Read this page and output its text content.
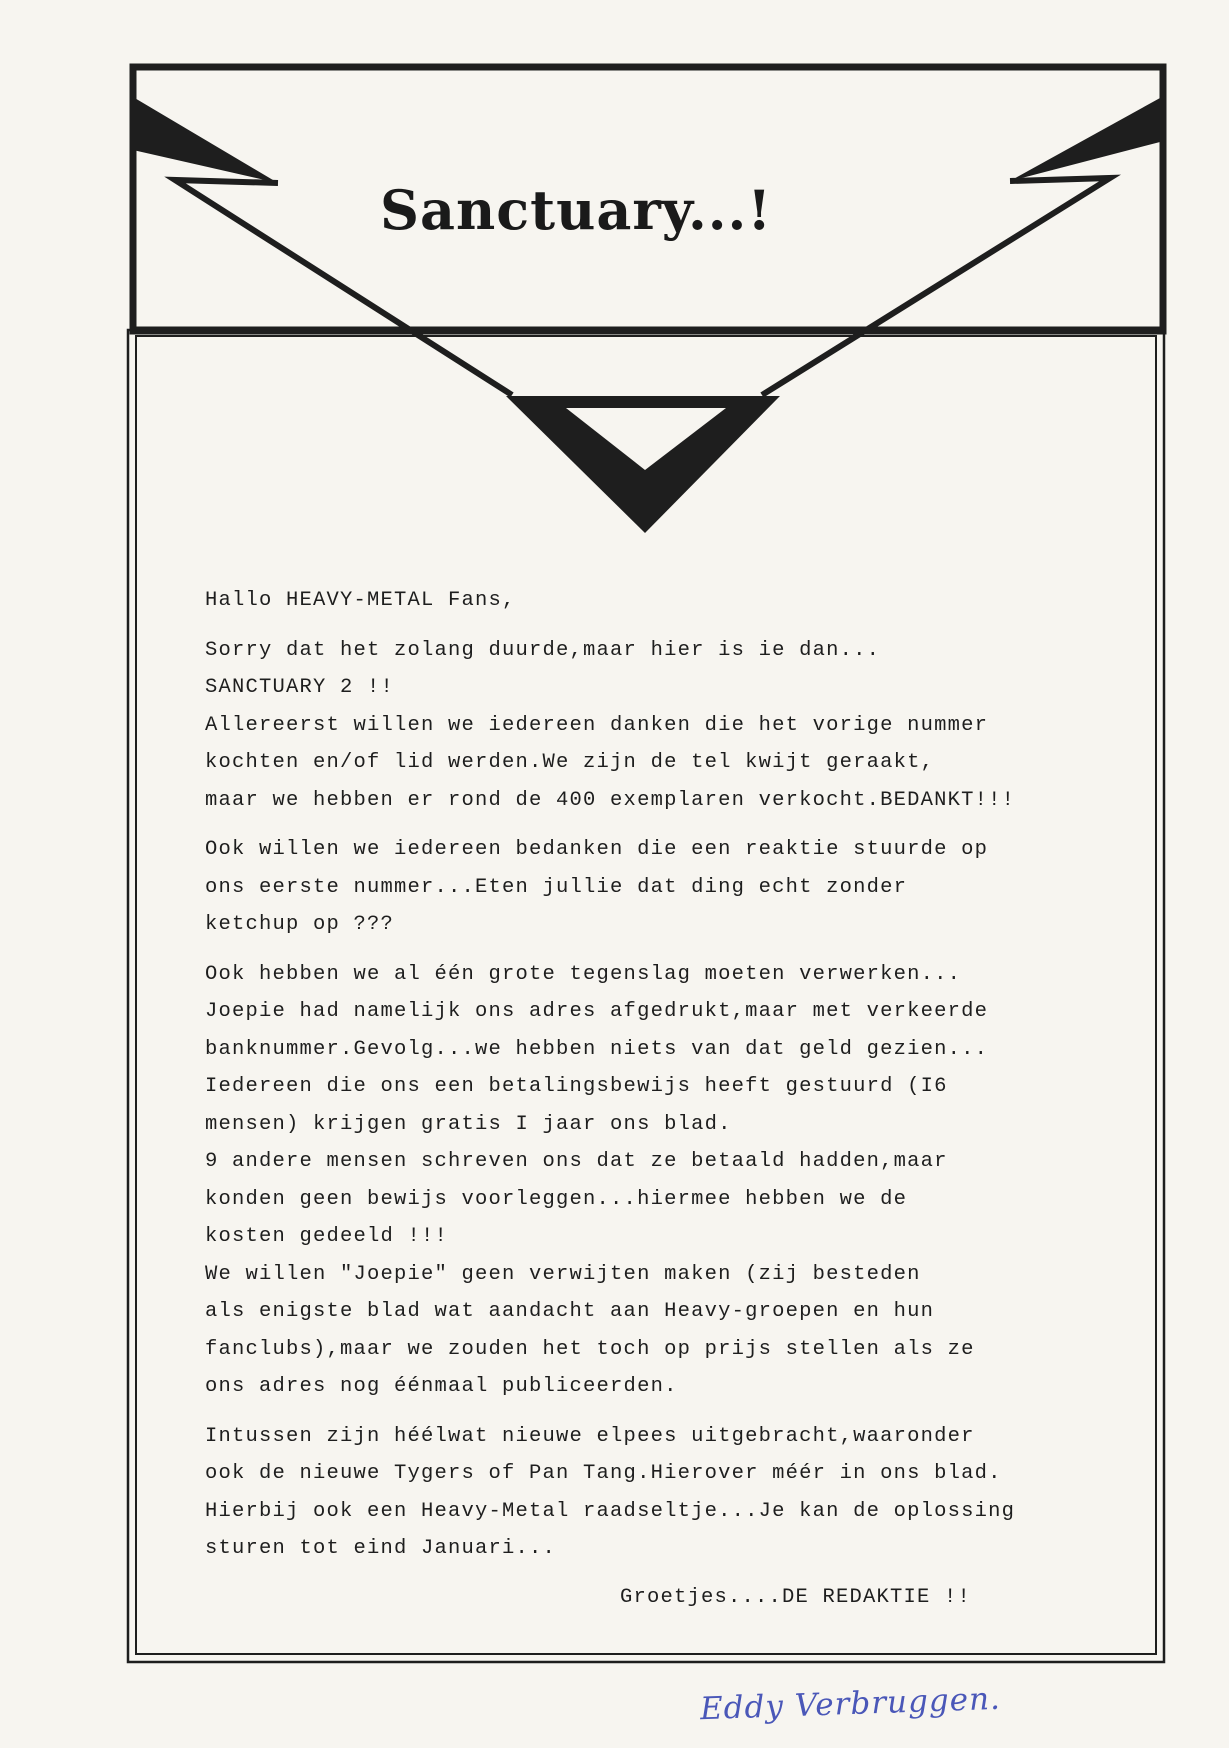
Sanctuary...!

Hallo HEAVY-METAL Fans,

Sorry dat het zolang duurde,maar hier is ie dan...

SANCTUARY 2 !!

Allereerst willen we iedereen danken die het vorige nummer

kochten en/of lid werden.We zijn de tel kwijt geraakt,

maar we hebben er rond de 400 exemplaren verkocht.BEDANKT!!!

Ook willen we iedereen bedanken die een reaktie stuurde op

ons eerste nummer...Eten jullie dat ding echt zonder

ketchup op ???

Ook hebben we al één grote tegenslag moeten verwerken...

Joepie had namelijk ons adres afgedrukt,maar met verkeerde

banknummer.Gevolg...we hebben niets van dat geld gezien...

Iedereen die ons een betalingsbewijs heeft gestuurd (I6

mensen) krijgen gratis I jaar ons blad.

9 andere mensen schreven ons dat ze betaald hadden,maar

konden geen bewijs voorleggen...hiermee hebben we de

kosten gedeeld !!!

We willen "Joepie" geen verwijten maken (zij besteden

als enigste blad wat aandacht aan Heavy-groepen en hun

fanclubs),maar we zouden het toch op prijs stellen als ze

ons adres nog éénmaal publiceerden.

Intussen zijn héélwat nieuwe elpees uitgebracht,waaronder

ook de nieuwe Tygers of Pan Tang.Hierover méér in ons blad.

Hierbij ook een Heavy-Metal raadseltje...Je kan de oplossing

sturen tot eind Januari...

Groetjes....DE REDAKTIE !!
Eddy Verbruggen.
